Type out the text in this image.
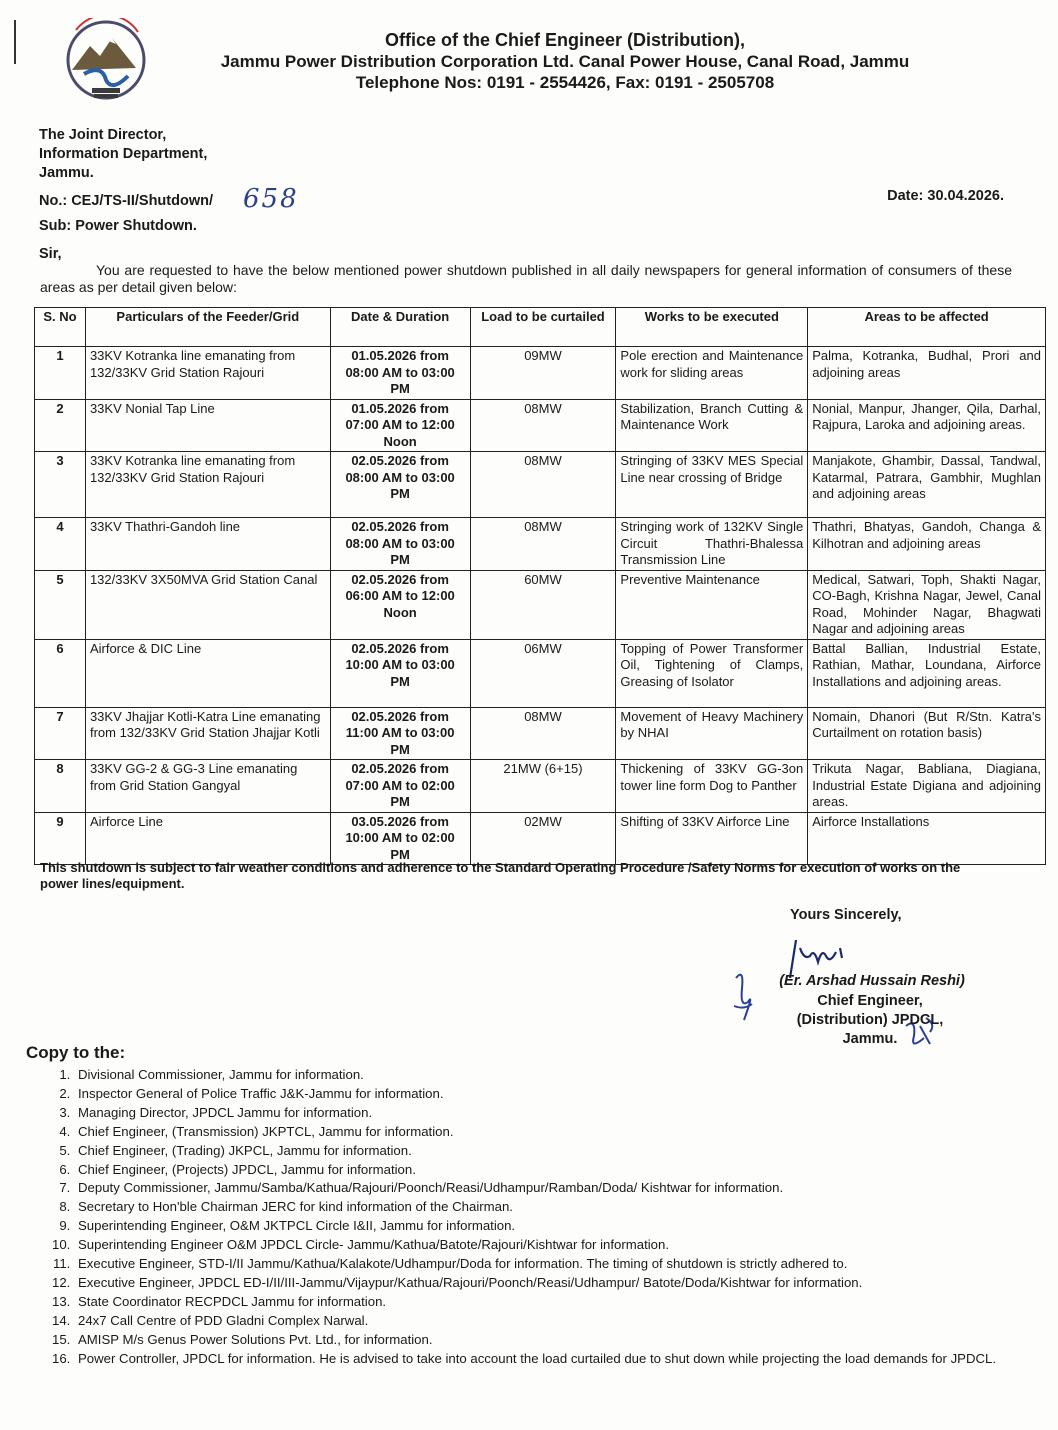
Office of the Chief Engineer (Distribution),
Jammu Power Distribution Corporation Ltd. Canal Power House, Canal Road, Jammu
Telephone Nos: 0191 - 2554426, Fax: 0191 - 2505708
The Joint Director,
Information Department,
Jammu.
No.: CEJ/TS-II/Shutdown/ 658	Date: 30.04.2026.
Sub: Power Shutdown.
Sir,
You are requested to have the below mentioned power shutdown published in all daily newspapers for general information of consumers of these areas as per detail given below:
S. No	Particulars of the Feeder/Grid	Date & Duration	Load to be curtailed	Works to be executed	Areas to be affected
1	33KV Kotranka line emanating from 132/33KV Grid Station Rajouri	01.05.2026 from 08:00 AM to 03:00 PM	09MW	Pole erection and Maintenance work for sliding areas	Palma, Kotranka, Budhal, Prori and adjoining areas
2	33KV Nonial Tap Line	01.05.2026 from 07:00 AM to 12:00 Noon	08MW	Stabilization, Branch Cutting & Maintenance Work	Nonial, Manpur, Jhanger, Qila, Darhal, Rajpura, Laroka and adjoining areas.
3	33KV Kotranka line emanating from 132/33KV Grid Station Rajouri	02.05.2026 from 08:00 AM to 03:00 PM	08MW	Stringing of 33KV MES Special Line near crossing of Bridge	Manjakote, Ghambir, Dassal, Tandwal, Katarmal, Patrara, Gambhir, Mughlan and adjoining areas
4	33KV Thathri-Gandoh line	02.05.2026 from 08:00 AM to 03:00 PM	08MW	Stringing work of 132KV Single Circuit Thathri-Bhalessa Transmission Line	Thathri, Bhatyas, Gandoh, Changa & Kilhotran and adjoining areas
5	132/33KV 3X50MVA Grid Station Canal	02.05.2026 from 06:00 AM to 12:00 Noon	60MW	Preventive Maintenance	Medical, Satwari, Toph, Shakti Nagar, CO-Bagh, Krishna Nagar, Jewel, Canal Road, Mohinder Nagar, Bhagwati Nagar and adjoining areas
6	Airforce & DIC Line	02.05.2026 from 10:00 AM to 03:00 PM	06MW	Topping of Power Transformer Oil, Tightening of Clamps, Greasing of Isolator	Battal Ballian, Industrial Estate, Rathian, Mathar, Loundana, Airforce Installations and adjoining areas.
7	33KV Jhajjar Kotli-Katra Line emanating from 132/33KV Grid Station Jhajjar Kotli	02.05.2026 from 11:00 AM to 03:00 PM	08MW	Movement of Heavy Machinery by NHAI	Nomain, Dhanori (But R/Stn. Katra's Curtailment on rotation basis)
8	33KV GG-2 & GG-3 Line emanating from Grid Station Gangyal	02.05.2026 from 07:00 AM to 02:00 PM	21MW (6+15)	Thickening of 33KV GG-3on tower line form Dog to Panther	Trikuta Nagar, Babliana, Diagiana, Industrial Estate Digiana and adjoining areas.
9	Airforce Line	03.05.2026 from 10:00 AM to 02:00 PM	02MW	Shifting of 33KV Airforce Line	Airforce Installations
This shutdown is subject to fair weather conditions and adherence to the Standard Operating Procedure /Safety Norms for execution of works on the power lines/equipment.
Yours Sincerely,
(Er. Arshad Hussain Reshi)
Chief Engineer,
(Distribution) JPDCL,
Jammu.
Copy to the:
1. Divisional Commissioner, Jammu for information.
2. Inspector General of Police Traffic J&K-Jammu for information.
3. Managing Director, JPDCL Jammu for information.
4. Chief Engineer, (Transmission) JKPTCL, Jammu for information.
5. Chief Engineer, (Trading) JKPCL, Jammu for information.
6. Chief Engineer, (Projects) JPDCL, Jammu for information.
7. Deputy Commissioner, Jammu/Samba/Kathua/Rajouri/Poonch/Reasi/Udhampur/Ramban/Doda/ Kishtwar for information.
8. Secretary to Hon'ble Chairman JERC for kind information of the Chairman.
9. Superintending Engineer, O&M JKTPCL Circle I&II, Jammu for information.
10. Superintending Engineer O&M JPDCL Circle- Jammu/Kathua/Batote/Rajouri/Kishtwar for information.
11. Executive Engineer, STD-I/II Jammu/Kathua/Kalakote/Udhampur/Doda for information. The timing of shutdown is strictly adhered to.
12. Executive Engineer, JPDCL ED-I/II/III-Jammu/Vijaypur/Kathua/Rajouri/Poonch/Reasi/Udhampur/ Batote/Doda/Kishtwar for information.
13. State Coordinator RECPDCL Jammu for information.
14. 24x7 Call Centre of PDD Gladni Complex Narwal.
15. AMISP M/s Genus Power Solutions Pvt. Ltd., for information.
16. Power Controller, JPDCL for information. He is advised to take into account the load curtailed due to shut down while projecting the load demands for JPDCL.
